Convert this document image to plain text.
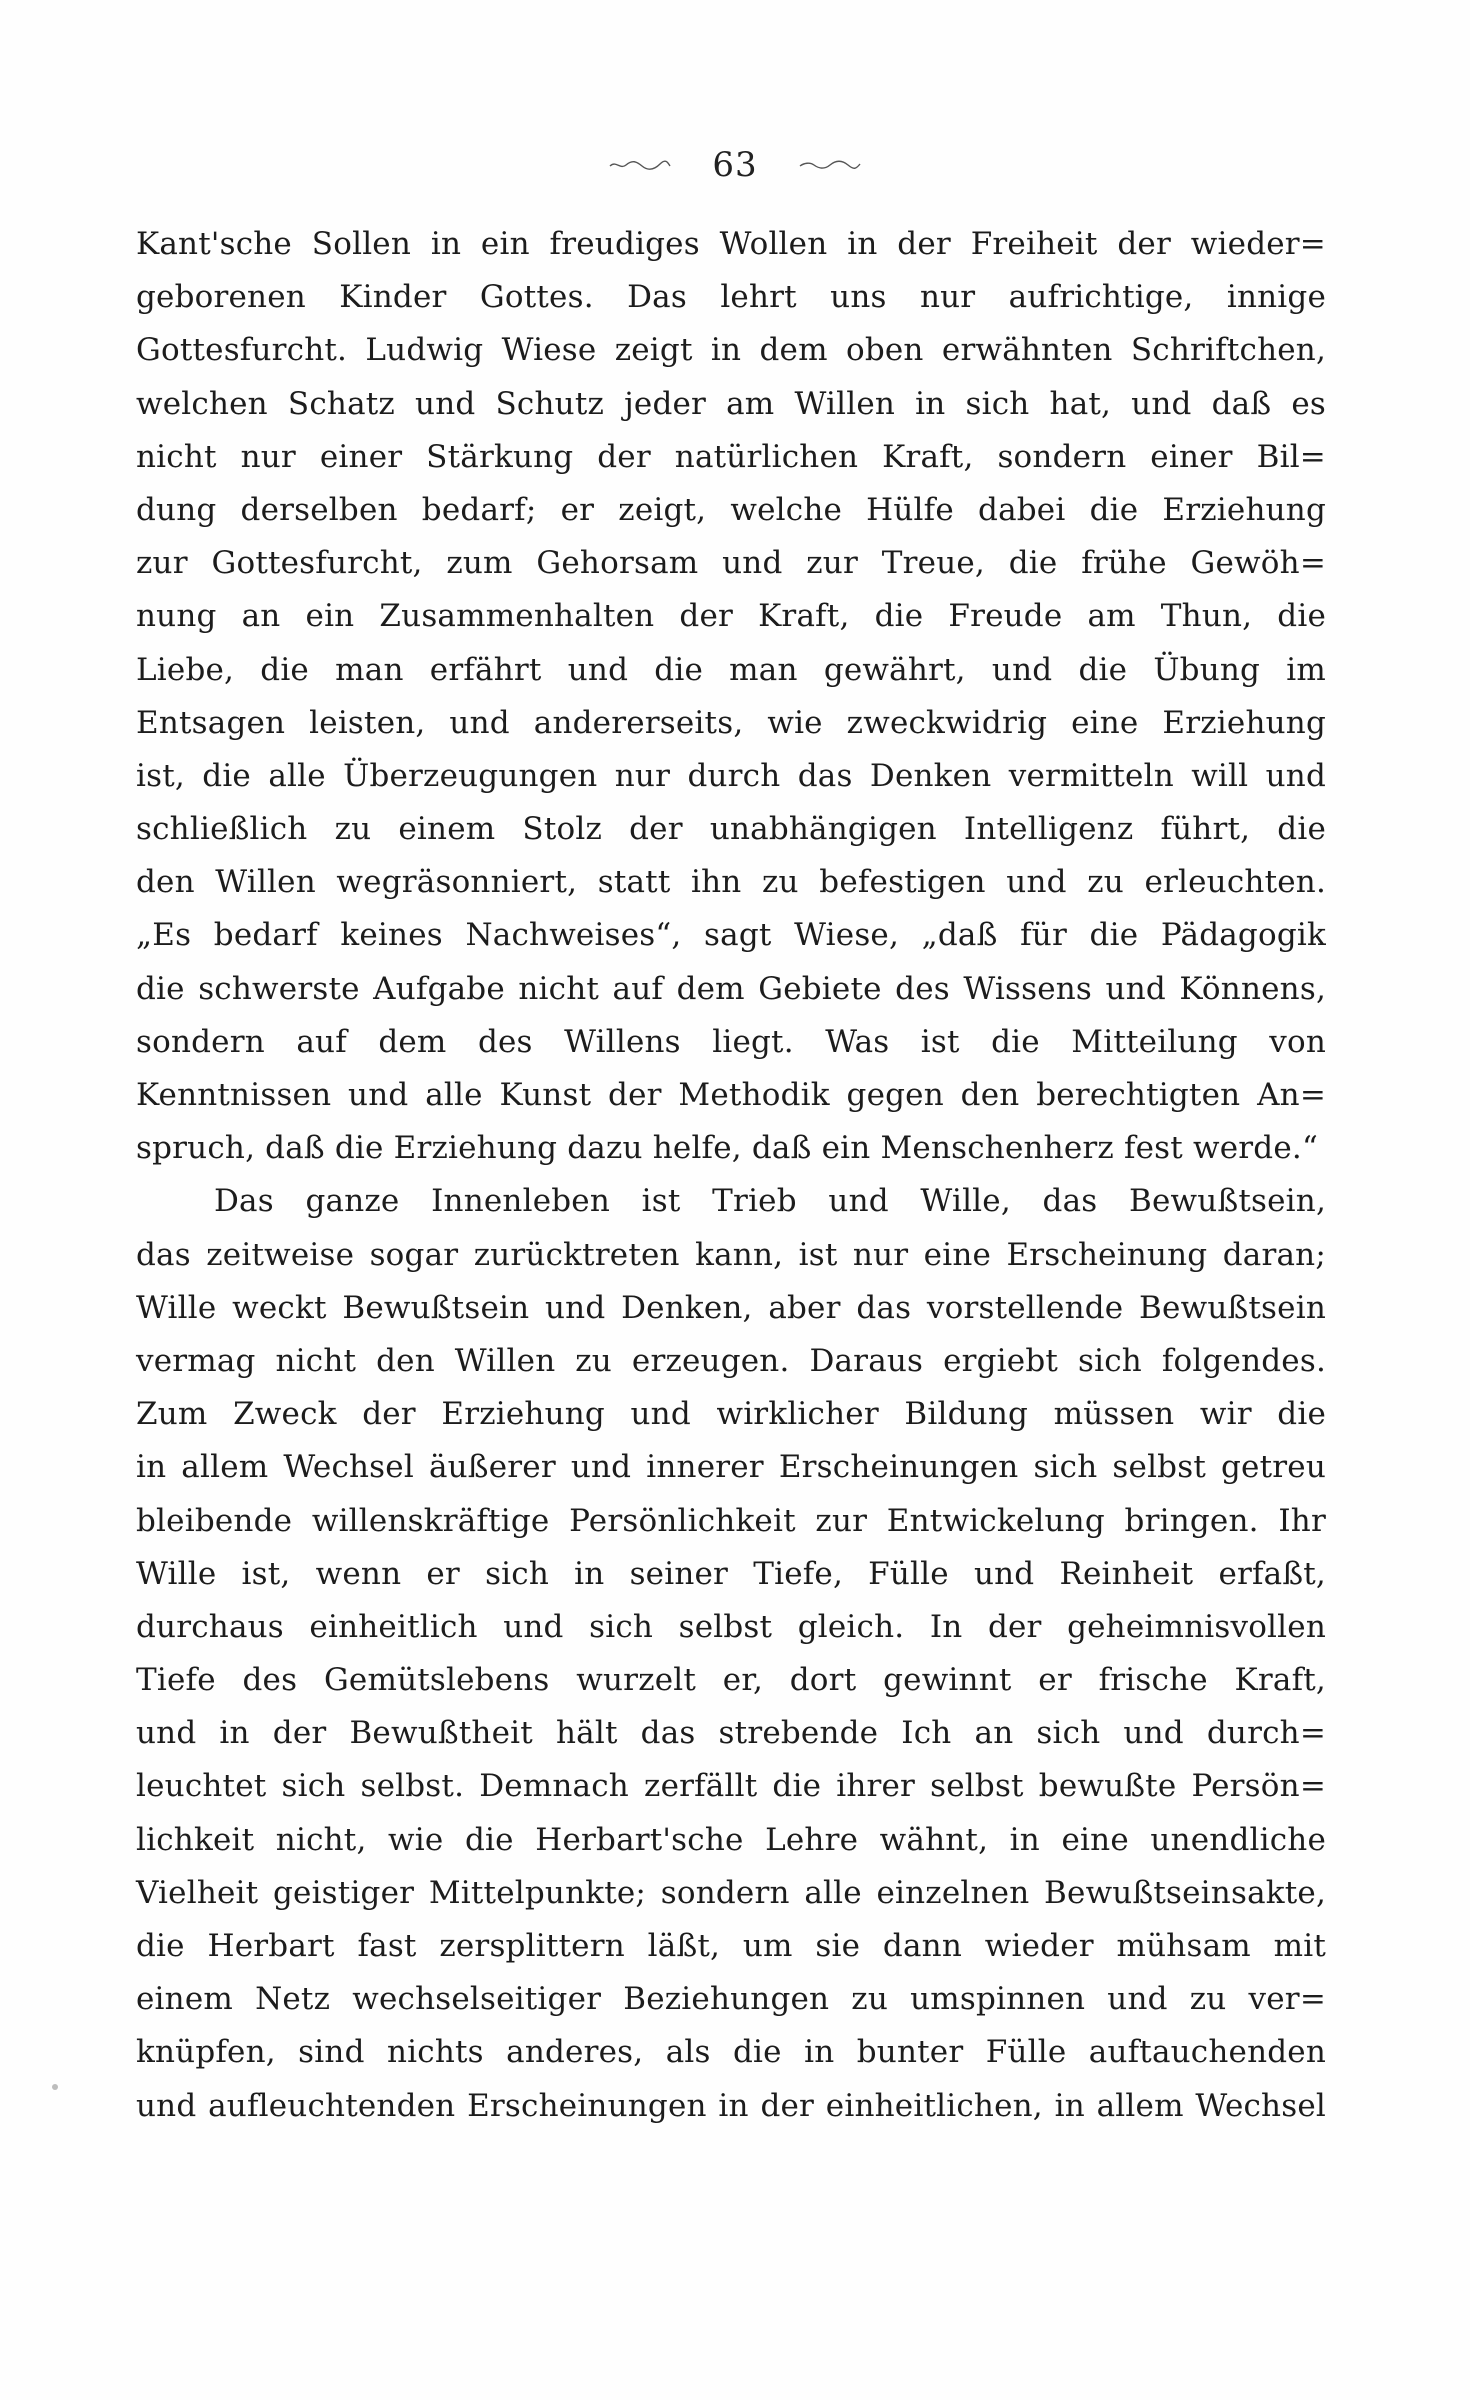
63
Kant'sche Sollen in ein freudiges Wollen in der Freiheit der wieder=
geborenen Kinder Gottes. Das lehrt uns nur aufrichtige, innige
Gottesfurcht. Ludwig Wiese zeigt in dem oben erwähnten Schriftchen,
welchen Schatz und Schutz jeder am Willen in sich hat, und daß es
nicht nur einer Stärkung der natürlichen Kraft, sondern einer Bil=
dung derselben bedarf; er zeigt, welche Hülfe dabei die Erziehung
zur Gottesfurcht, zum Gehorsam und zur Treue, die frühe Gewöh=
nung an ein Zusammenhalten der Kraft, die Freude am Thun, die
Liebe, die man erfährt und die man gewährt, und die Übung im
Entsagen leisten, und andererseits, wie zweckwidrig eine Erziehung
ist, die alle Überzeugungen nur durch das Denken vermitteln will und
schließlich zu einem Stolz der unabhängigen Intelligenz führt, die
den Willen wegräsonniert, statt ihn zu befestigen und zu erleuchten.
„Es bedarf keines Nachweises“, sagt Wiese, „daß für die Pädagogik
die schwerste Aufgabe nicht auf dem Gebiete des Wissens und Könnens,
sondern auf dem des Willens liegt. Was ist die Mitteilung von
Kenntnissen und alle Kunst der Methodik gegen den berechtigten An=
spruch, daß die Erziehung dazu helfe, daß ein Menschenherz fest werde.“
Das ganze Innenleben ist Trieb und Wille, das Bewußtsein,
das zeitweise sogar zurücktreten kann, ist nur eine Erscheinung daran;
Wille weckt Bewußtsein und Denken, aber das vorstellende Bewußtsein
vermag nicht den Willen zu erzeugen. Daraus ergiebt sich folgendes.
Zum Zweck der Erziehung und wirklicher Bildung müssen wir die
in allem Wechsel äußerer und innerer Erscheinungen sich selbst getreu
bleibende willenskräftige Persönlichkeit zur Entwickelung bringen. Ihr
Wille ist, wenn er sich in seiner Tiefe, Fülle und Reinheit erfaßt,
durchaus einheitlich und sich selbst gleich. In der geheimnisvollen
Tiefe des Gemütslebens wurzelt er, dort gewinnt er frische Kraft,
und in der Bewußtheit hält das strebende Ich an sich und durch=
leuchtet sich selbst. Demnach zerfällt die ihrer selbst bewußte Persön=
lichkeit nicht, wie die Herbart'sche Lehre wähnt, in eine unendliche
Vielheit geistiger Mittelpunkte; sondern alle einzelnen Bewußtseinsakte,
die Herbart fast zersplittern läßt, um sie dann wieder mühsam mit
einem Netz wechselseitiger Beziehungen zu umspinnen und zu ver=
knüpfen, sind nichts anderes, als die in bunter Fülle auftauchenden
und aufleuchtenden Erscheinungen in der einheitlichen, in allem Wechsel
